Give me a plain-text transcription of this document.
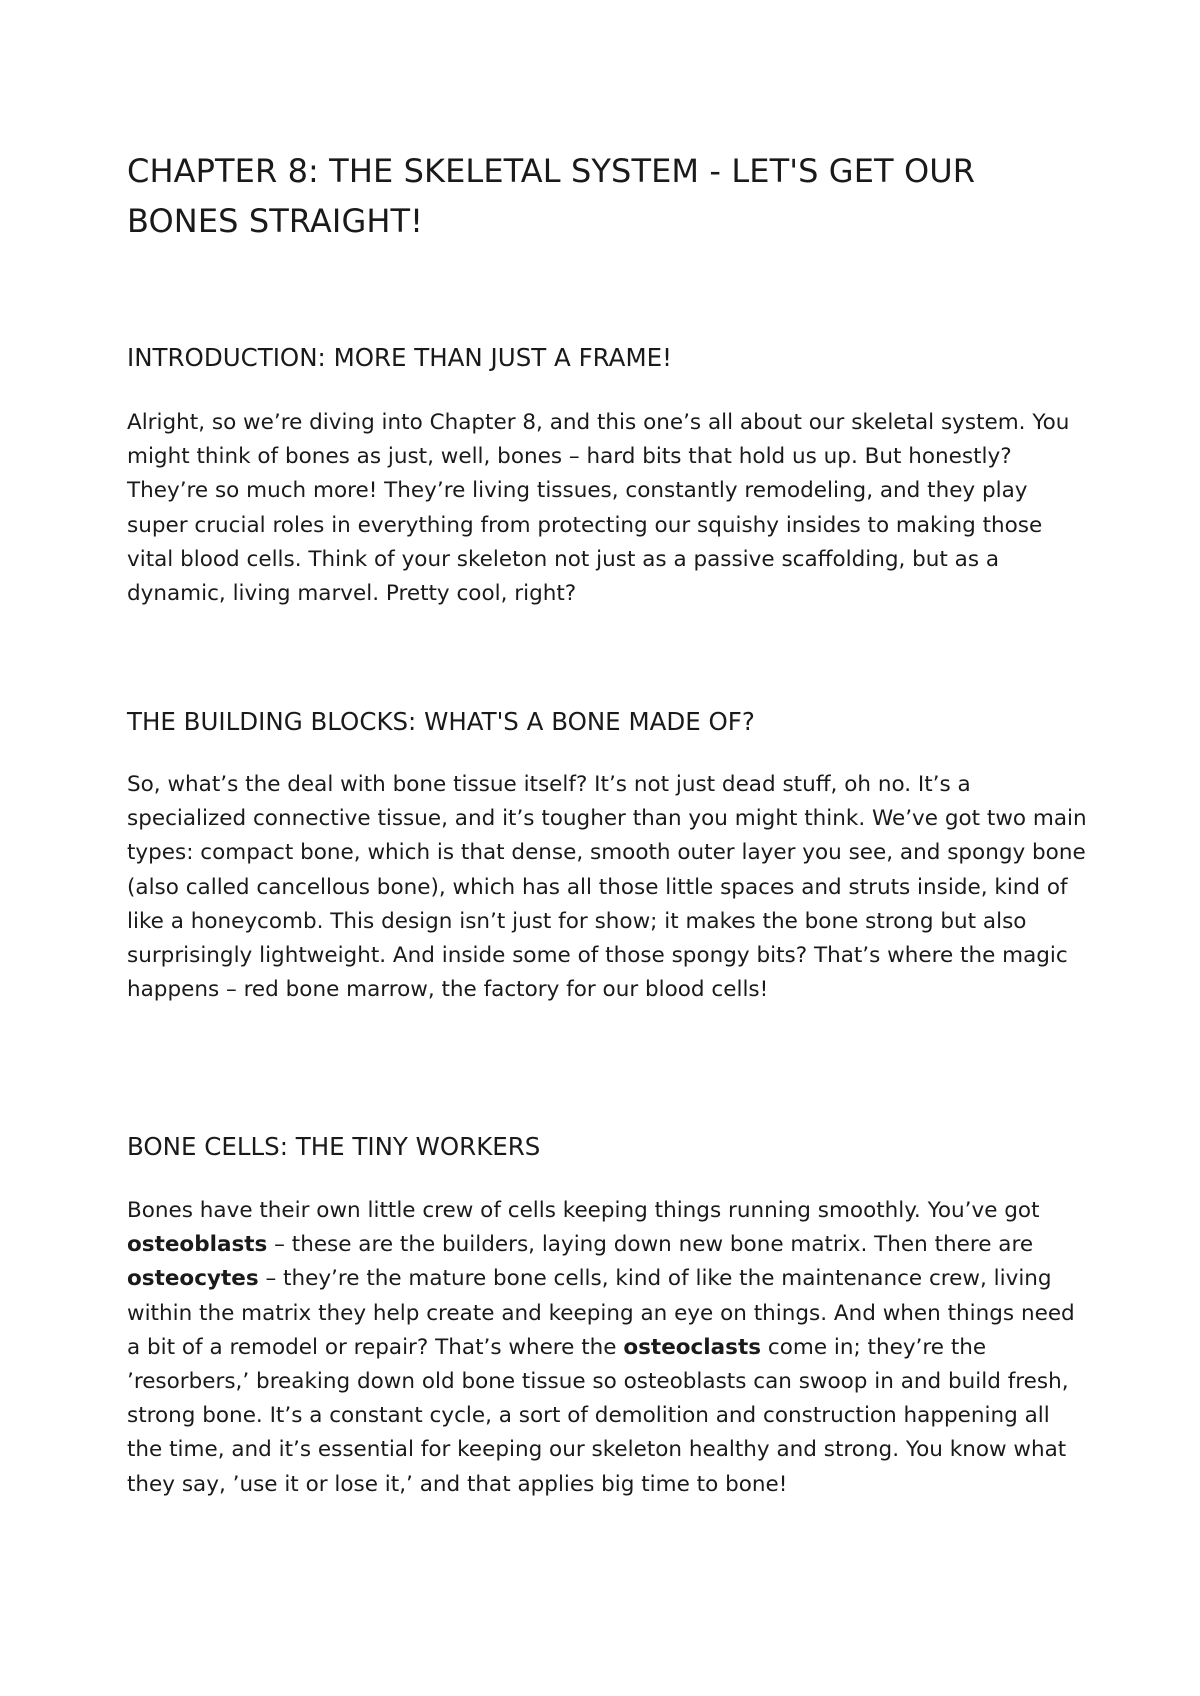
CHAPTER 8: THE SKELETAL SYSTEM - LET'S GET OUR BONES STRAIGHT!
INTRODUCTION: MORE THAN JUST A FRAME!

Alright, so we’re diving into Chapter 8, and this one’s all about our skeletal system. You might think of bones as just, well, bones – hard bits that hold us up. But honestly? They’re so much more! They’re living tissues, constantly remodeling, and they play super crucial roles in everything from protecting our squishy insides to making those vital blood cells. Think of your skeleton not just as a passive scaffolding, but as a dynamic, living marvel. Pretty cool, right?

THE BUILDING BLOCKS: WHAT'S A BONE MADE OF?

So, what’s the deal with bone tissue itself? It’s not just dead stuff, oh no. It’s a specialized connective tissue, and it’s tougher than you might think. We’ve got two main types: compact bone, which is that dense, smooth outer layer you see, and spongy bone (also called cancellous bone), which has all those little spaces and struts inside, kind of like a honeycomb. This design isn’t just for show; it makes the bone strong but also surprisingly lightweight. And inside some of those spongy bits? That’s where the magic happens – red bone marrow, the factory for our blood cells!

BONE CELLS: THE TINY WORKERS

Bones have their own little crew of cells keeping things running smoothly. You’ve got osteoblasts – these are the builders, laying down new bone matrix. Then there are osteocytes – they’re the mature bone cells, kind of like the maintenance crew, living within the matrix they help create and keeping an eye on things. And when things need a bit of a remodel or repair? That’s where the osteoclasts come in; they’re the ’resorbers,’ breaking down old bone tissue so osteoblasts can swoop in and build fresh, strong bone. It’s a constant cycle, a sort of demolition and construction happening all the time, and it’s essential for keeping our skeleton healthy and strong. You know what they say, ’use it or lose it,’ and that applies big time to bone!
